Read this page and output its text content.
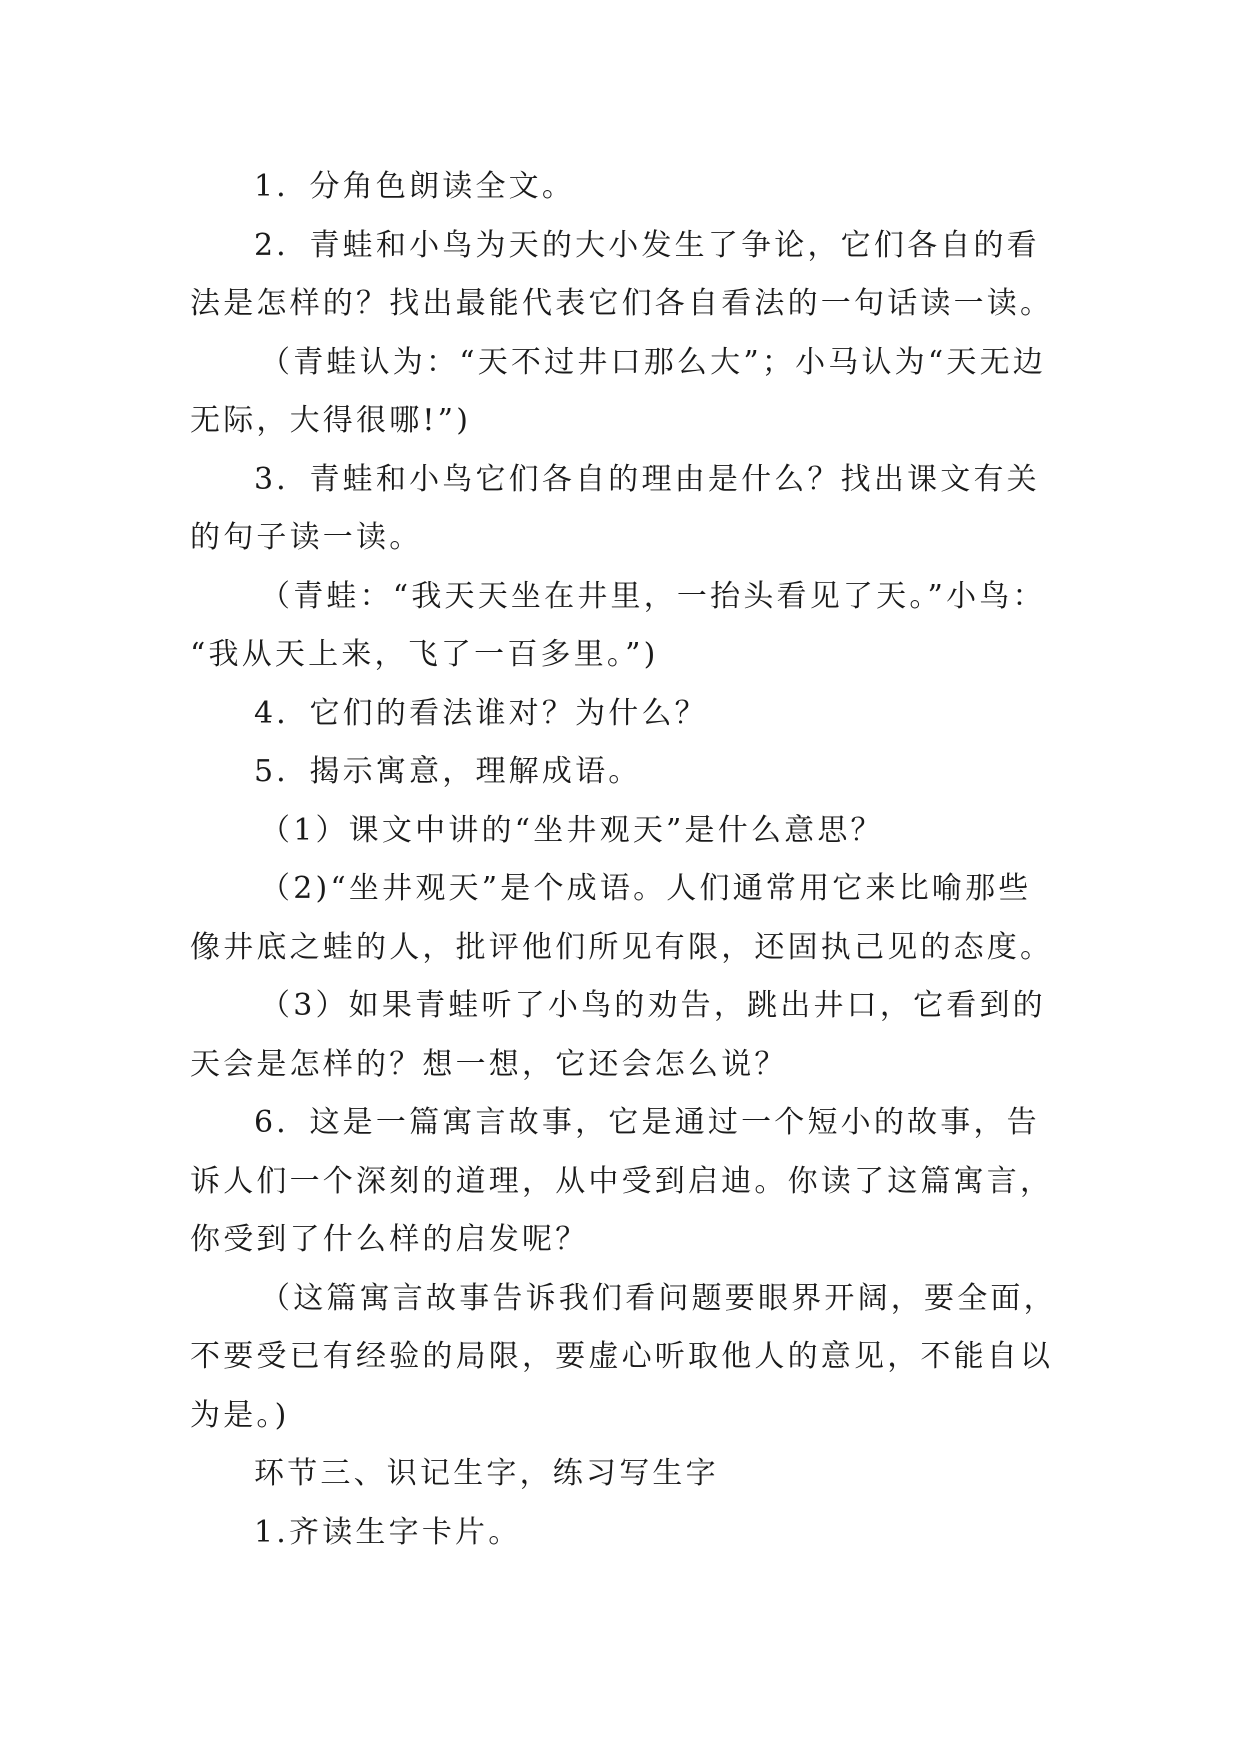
1．分角色朗读全文。
2．青蛙和小鸟为天的大小发生了争论，它们各自的看
法是怎样的？找出最能代表它们各自看法的一句话读一读。
（青蛙认为：“天不过井口那么大”；小马认为“天无边
无际，大得很哪!”)
3．青蛙和小鸟它们各自的理由是什么？找出课文有关
的句子读一读。
（青蛙：“我天天坐在井里，一抬头看见了天。”小鸟：
“我从天上来，飞了一百多里。”)
4．它们的看法谁对？为什么？
5．揭示寓意，理解成语。
（1）课文中讲的“坐井观天”是什么意思？
（2)“坐井观天”是个成语。人们通常用它来比喻那些
像井底之蛙的人，批评他们所见有限，还固执己见的态度。
（3）如果青蛙听了小鸟的劝告，跳出井口，它看到的
天会是怎样的？想一想，它还会怎么说？
6．这是一篇寓言故事，它是通过一个短小的故事，告
诉人们一个深刻的道理，从中受到启迪。你读了这篇寓言，
你受到了什么样的启发呢？
（这篇寓言故事告诉我们看问题要眼界开阔，要全面，
不要受已有经验的局限，要虚心听取他人的意见，不能自以
为是。)
环节三、识记生字，练习写生字
1.齐读生字卡片。
